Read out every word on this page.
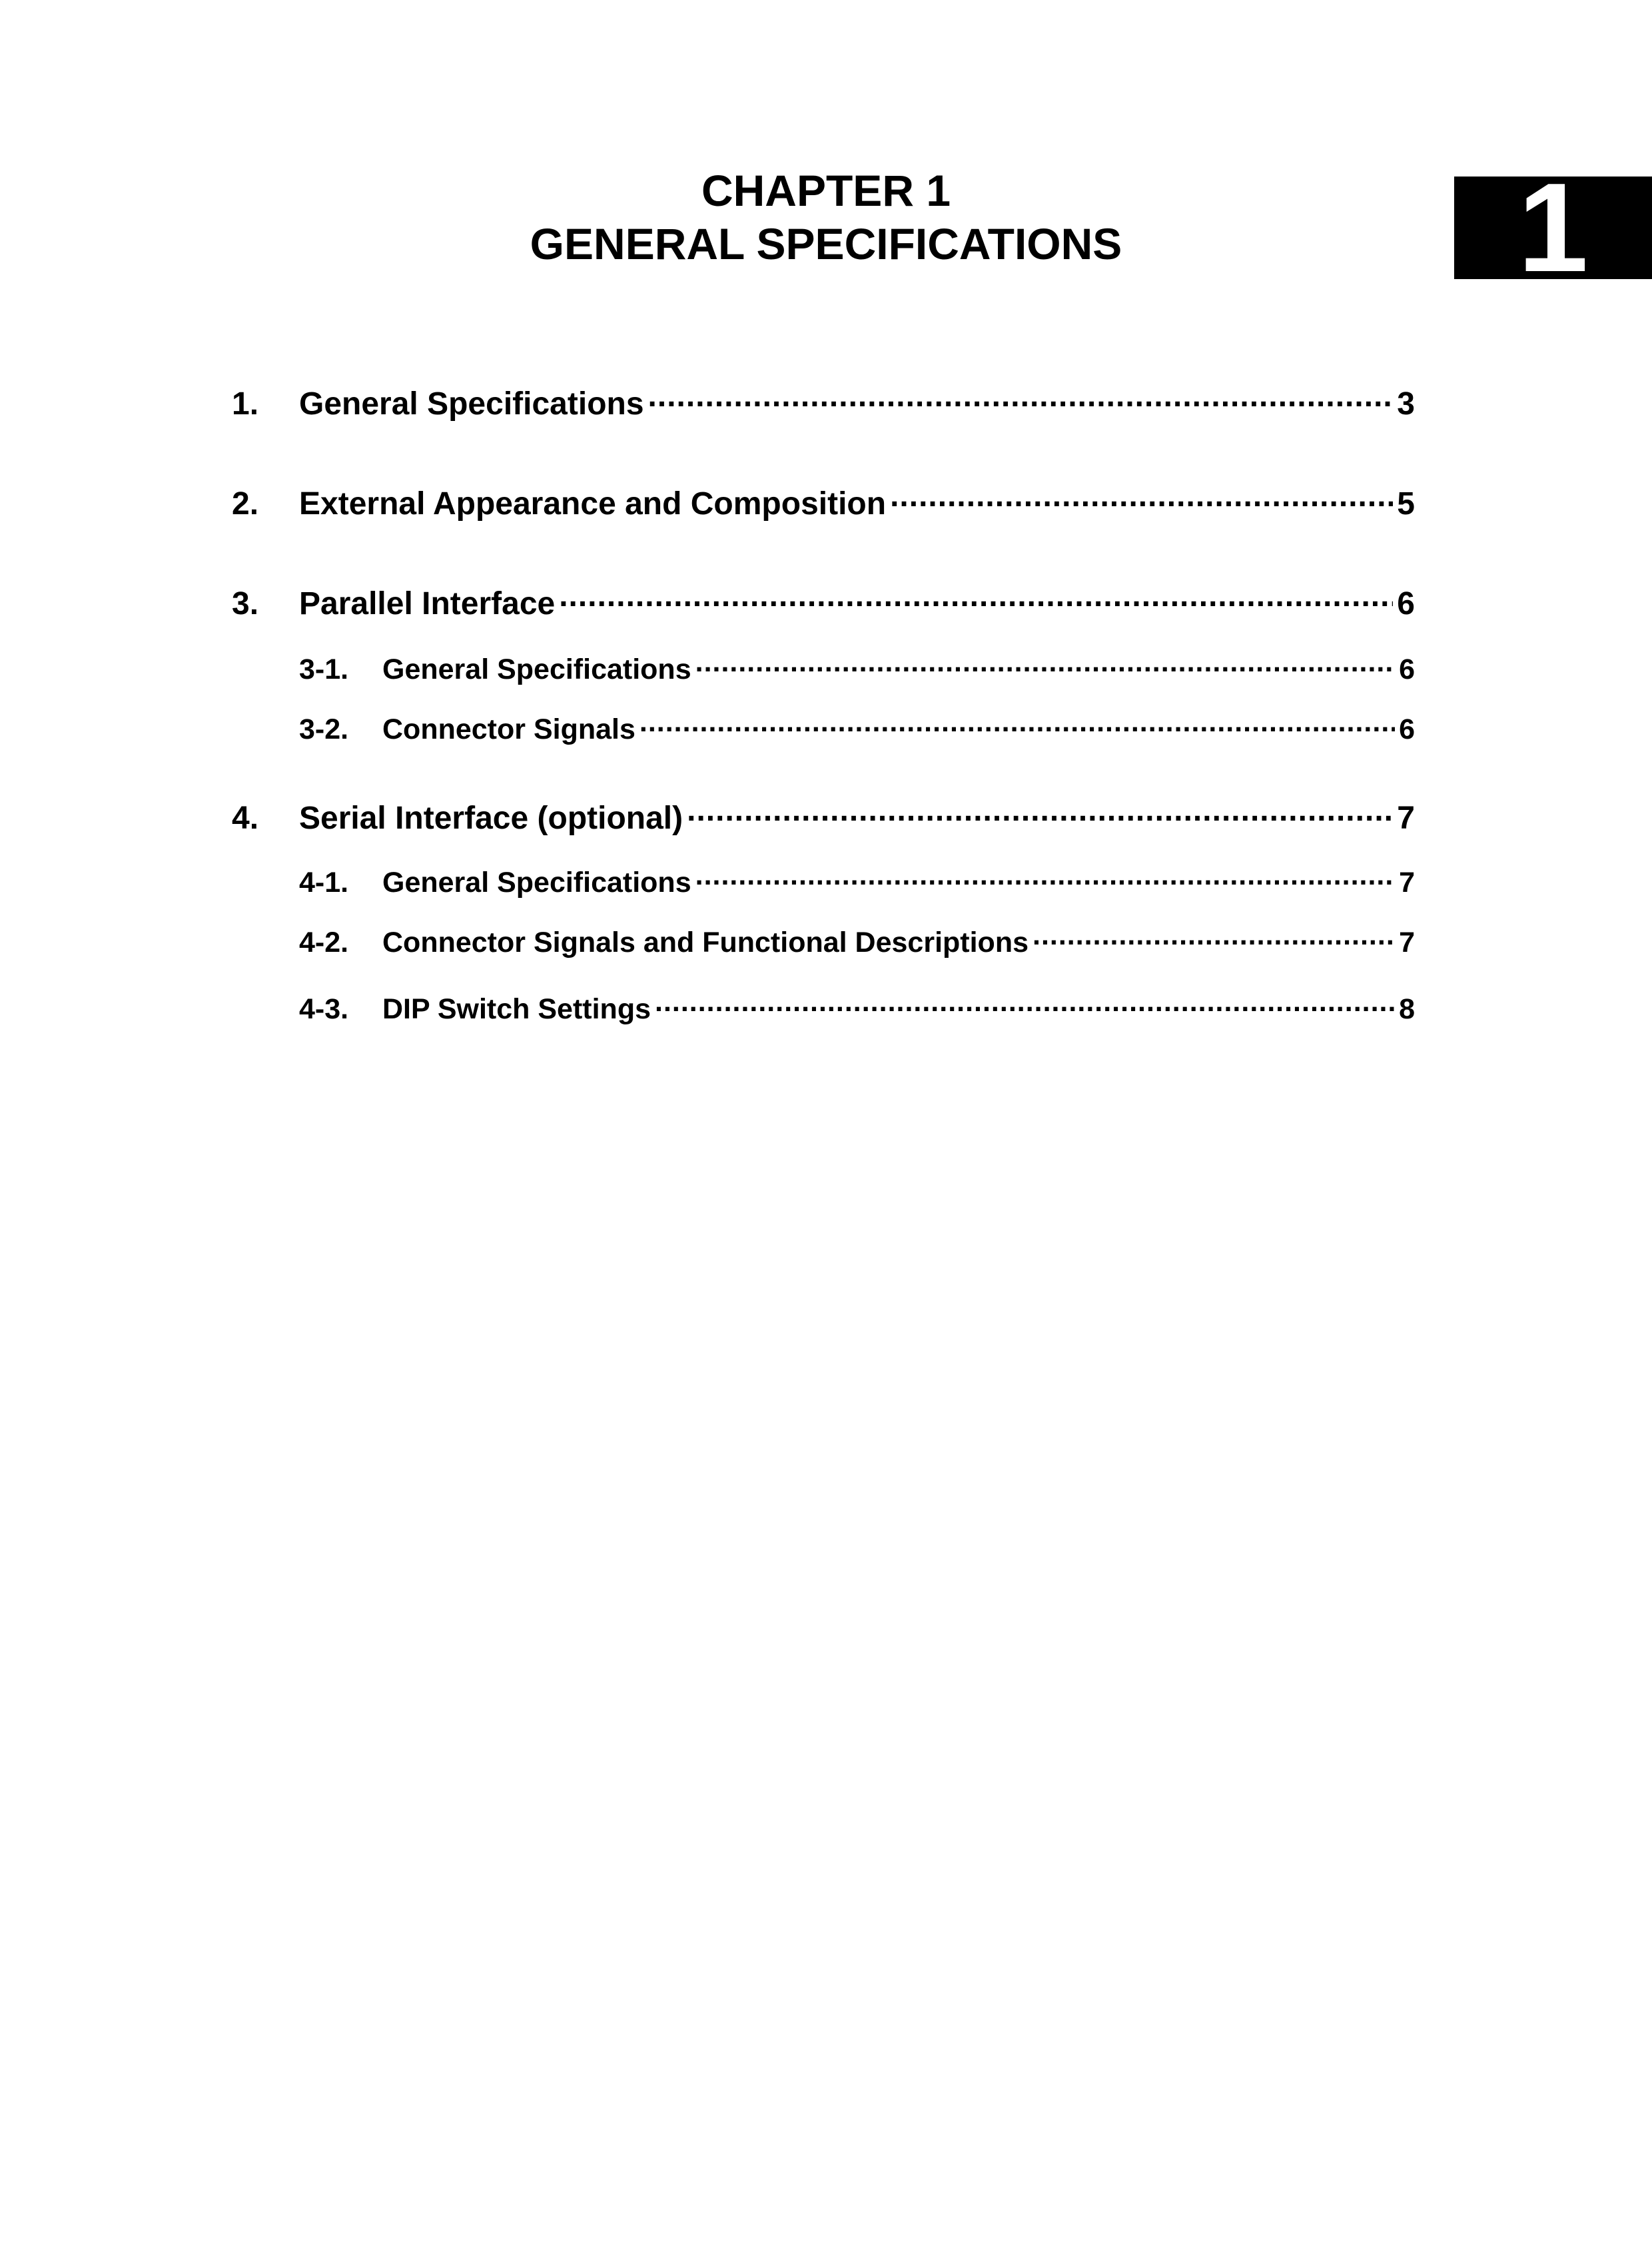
CHAPTER 1
GENERAL SPECIFICATIONS	1
1.	General Specifications .....	3
2.	External Appearance and Composition .....	5
3.	Parallel Interface .....	6
3-1.	General Specifications .....	6
3-2.	Connector Signals .....	6
4.	Serial Interface (optional) .....	7
4-1.	General Specifications .....	7
4-2.	Connector Signals and Functional Descriptions .....	7
4-3.	DIP Switch Settings .....	8
